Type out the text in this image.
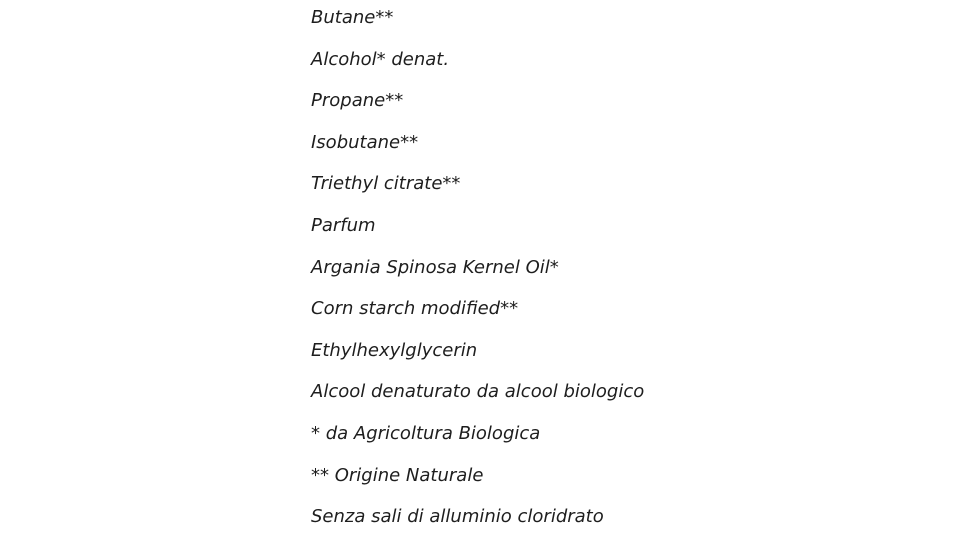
Butane**
Alcohol* denat.
Propane**
Isobutane**
Triethyl citrate**
Parfum
Argania Spinosa Kernel Oil*
Corn starch modified**
Ethylhexylglycerin
Alcool denaturato da alcool biologico
* da Agricoltura Biologica
** Origine Naturale
Senza sali di alluminio cloridrato
